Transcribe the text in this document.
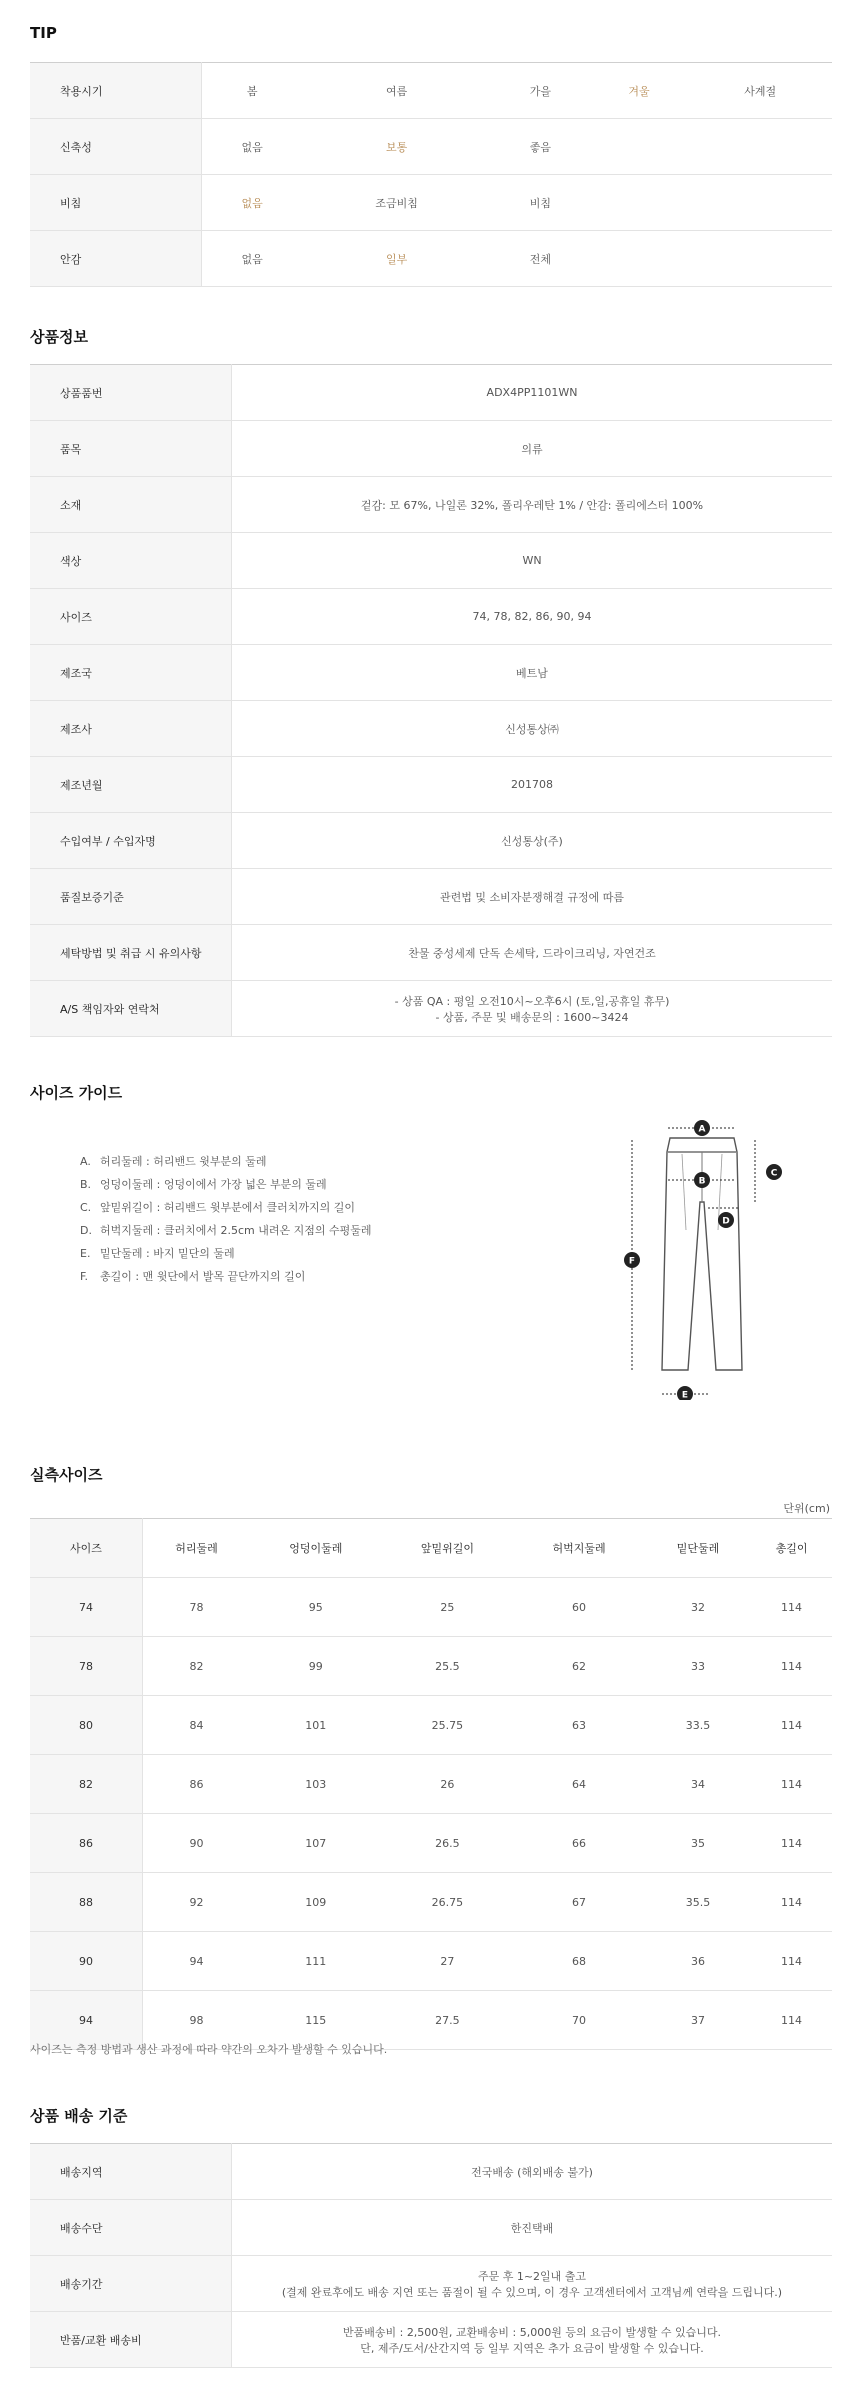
TIP
착용시기	봄	여름	가을	겨울	사계절
신축성	없음	보통	좋음		
비침	없음	조금비침	비침		
안감	없음	일부	전체		
상품정보
상품품번	ADX4PP1101WN

품목	의류

소재	겉감: 모 67%, 나일론 32%, 폴리우레탄 1% / 안감: 폴리에스터 100%

색상	WN

사이즈	74, 78, 82, 86, 90, 94

제조국	베트남

제조사	신성통상㈜

제조년월	201708

수입여부 / 수입자명	신성통상(주)

품질보증기준	관련법 및 소비자분쟁해결 규정에 따름

세탁방법 및 취급 시 유의사항	찬물 중성세제 단독 손세탁, 드라이크리닝, 자연건조

A/S 책임자와 연락처	- 상품 QA : 평일 오전10시~오후6시 (토,일,공휴일 휴무)
- 상품, 주문 및 배송문의 : 1600~3424
사이즈 가이드
A. 허리둘레 : 허리밴드 윗부분의 둘레
B. 엉덩이둘레 : 엉덩이에서 가장 넓은 부분의 둘레
C. 앞밑위길이 : 허리밴드 윗부분에서 클러치까지의 길이
D. 허벅지둘레 : 클러치에서 2.5cm 내려온 지점의 수평둘레
E. 밑단둘레 : 바지 밑단의 둘레
F. 총길이 : 맨 윗단에서 발목 끝단까지의 길이
A
B
C
D
E
F
실측사이즈
단위(cm)
사이즈	허리둘레	엉덩이둘레	앞밑위길이	허벅지둘레	밑단둘레	총길이
74	78	95	25	60	32	114
78	82	99	25.5	62	33	114
80	84	101	25.75	63	33.5	114
82	86	103	26	64	34	114
86	90	107	26.5	66	35	114
88	92	109	26.75	67	35.5	114
90	94	111	27	68	36	114
94	98	115	27.5	70	37	114
사이즈는 측정 방법과 생산 과정에 따라 약간의 오차가 발생할 수 있습니다.
상품 배송 기준
배송지역	전국배송 (해외배송 불가)

배송수단	한진택배

배송기간	주문 후 1~2일내 출고
(결제 완료후에도 배송 지연 또는 품절이 될 수 있으며, 이 경우 고객센터에서 고객님께 연락을 드립니다.)

반품/교환 배송비	반품배송비 : 2,500원, 교환배송비 : 5,000원 등의 요금이 발생할 수 있습니다.
단, 제주/도서/산간지역 등 일부 지역은 추가 요금이 발생할 수 있습니다.
